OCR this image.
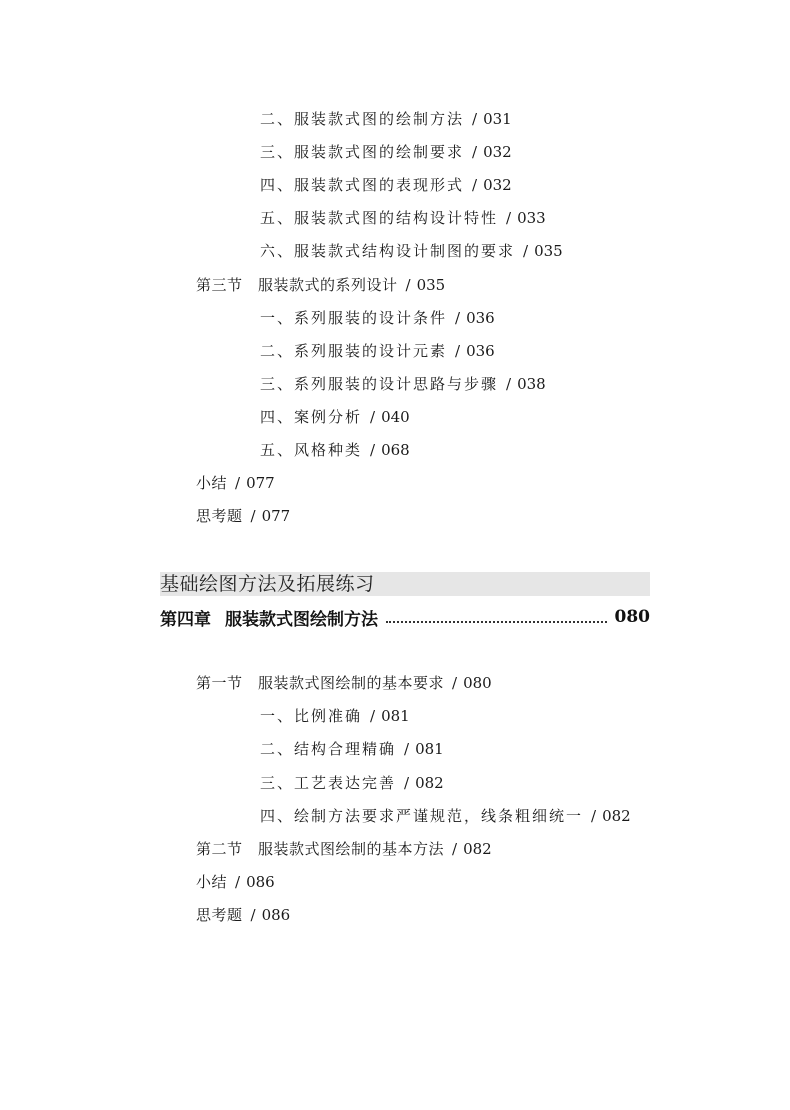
二、服装款式图的绘制方法 / 031
三、服装款式图的绘制要求 / 032
四、服装款式图的表现形式 / 032
五、服装款式图的结构设计特性 / 033
六、服装款式结构设计制图的要求 / 035
第三节　服装款式的系列设计 / 035
一、系列服装的设计条件 / 036
二、系列服装的设计元素 / 036
三、系列服装的设计思路与步骤 / 038
四、案例分析 / 040
五、风格种类 / 068
小结 / 077
思考题 / 077
基础绘图方法及拓展练习
第四章 服装款式图绘制方法	080
第一节　服装款式图绘制的基本要求 / 080
一、比例准确 / 081
二、结构合理精确 / 081
三、工艺表达完善 / 082
四、绘制方法要求严谨规范，线条粗细统一 / 082
第二节　服装款式图绘制的基本方法 / 082
小结 / 086
思考题 / 086
